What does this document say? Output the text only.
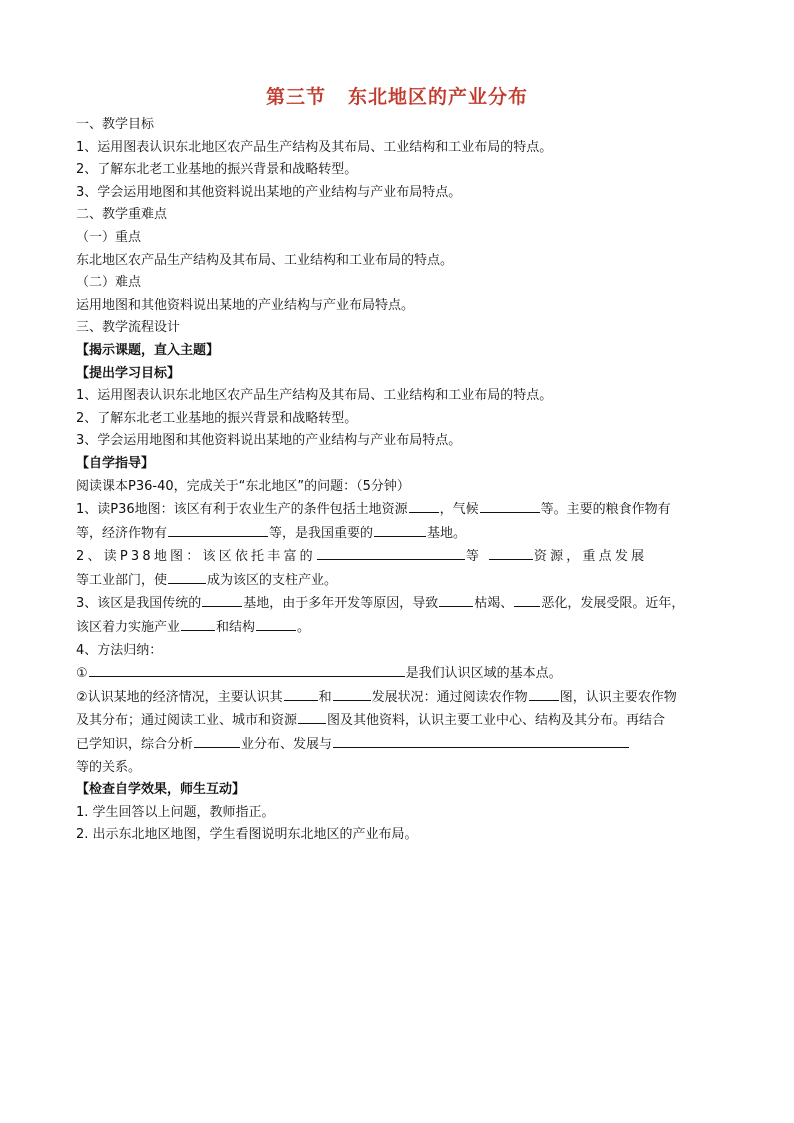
第三节 东北地区的产业分布
一、教学目标
1、运用图表认识东北地区农产品生产结构及其布局、工业结构和工业布局的特点。
2、了解东北老工业基地的振兴背景和战略转型。
3、学会运用地图和其他资料说出某地的产业结构与产业布局特点。
二、教学重难点
（一）重点
东北地区农产品生产结构及其布局、工业结构和工业布局的特点。
（二）难点
运用地图和其他资料说出某地的产业结构与产业布局特点。
三、教学流程设计
【揭示课题，直入主题】
【提出学习目标】
1、运用图表认识东北地区农产品生产结构及其布局、工业结构和工业布局的特点。
2、了解东北老工业基地的振兴背景和战略转型。
3、学会运用地图和其他资料说出某地的产业结构与产业布局特点。
【自学指导】
阅读课本P36-40，完成关于“东北地区”的问题：（5分钟）
1、读P36地图：该区有利于农业生产的条件包括土地资源 ，气候	等。主要的粮食作物有
等，经济作物有	等，是我国重要的	基地。
2、读P38地图：该区依托丰富的	等	资源，重点发展
等工业部门，使	成为该区的支柱产业。
3、该区是我国传统的	基地，由于多年开发等原因，导致	枯竭、 恶化，发展受限。近年，
该区着力实施产业	和结构	。
4、方法归纳：
①	是我们认识区域的基本点。
②认识某地的经济情况，主要认识其	和	发展状况：通过阅读农作物 图，认识主要农作物
及其分布；通过阅读工业、城市和资源 图及其他资料，认识主要工业中心、结构及其分布。再结合
已学知识，综合分析	业分布、发展与
等的关系。
【检查自学效果，师生互动】
1. 学生回答以上问题，教师指正。
2. 出示东北地区地图，学生看图说明东北地区的产业布局。
